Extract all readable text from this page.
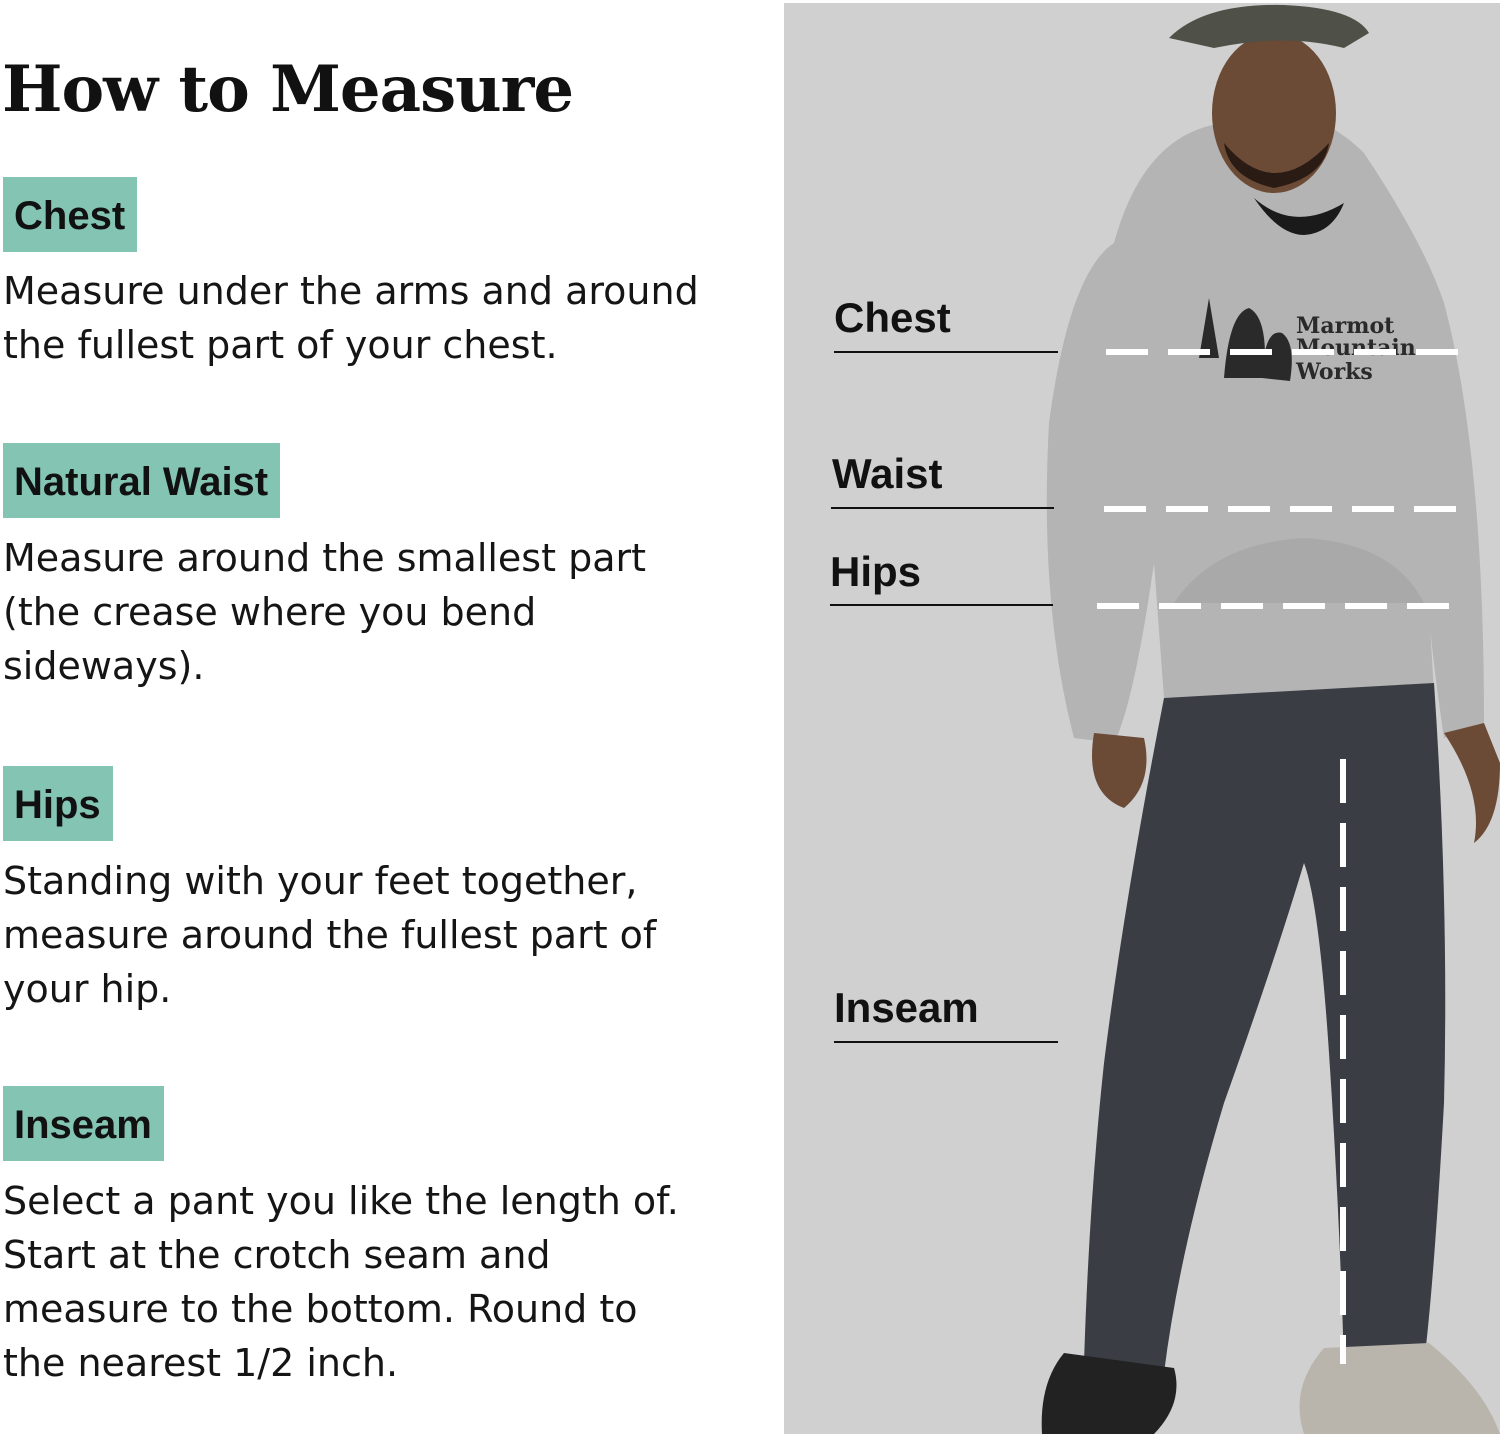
How to Measure
Chest

Measure under the arms and around
the fullest part of your chest.

Natural Waist

Measure around the smallest part
(the crease where you bend
sideways).

Hips

Standing with your feet together,
measure around the fullest part of
your hip.

Inseam

Select a pant you like the length of.
Start at the crotch seam and
measure to the bottom. Round to
the nearest 1/2 inch.

Marmot
Mountain
Works
Chest
Waist
Hips
Inseam
